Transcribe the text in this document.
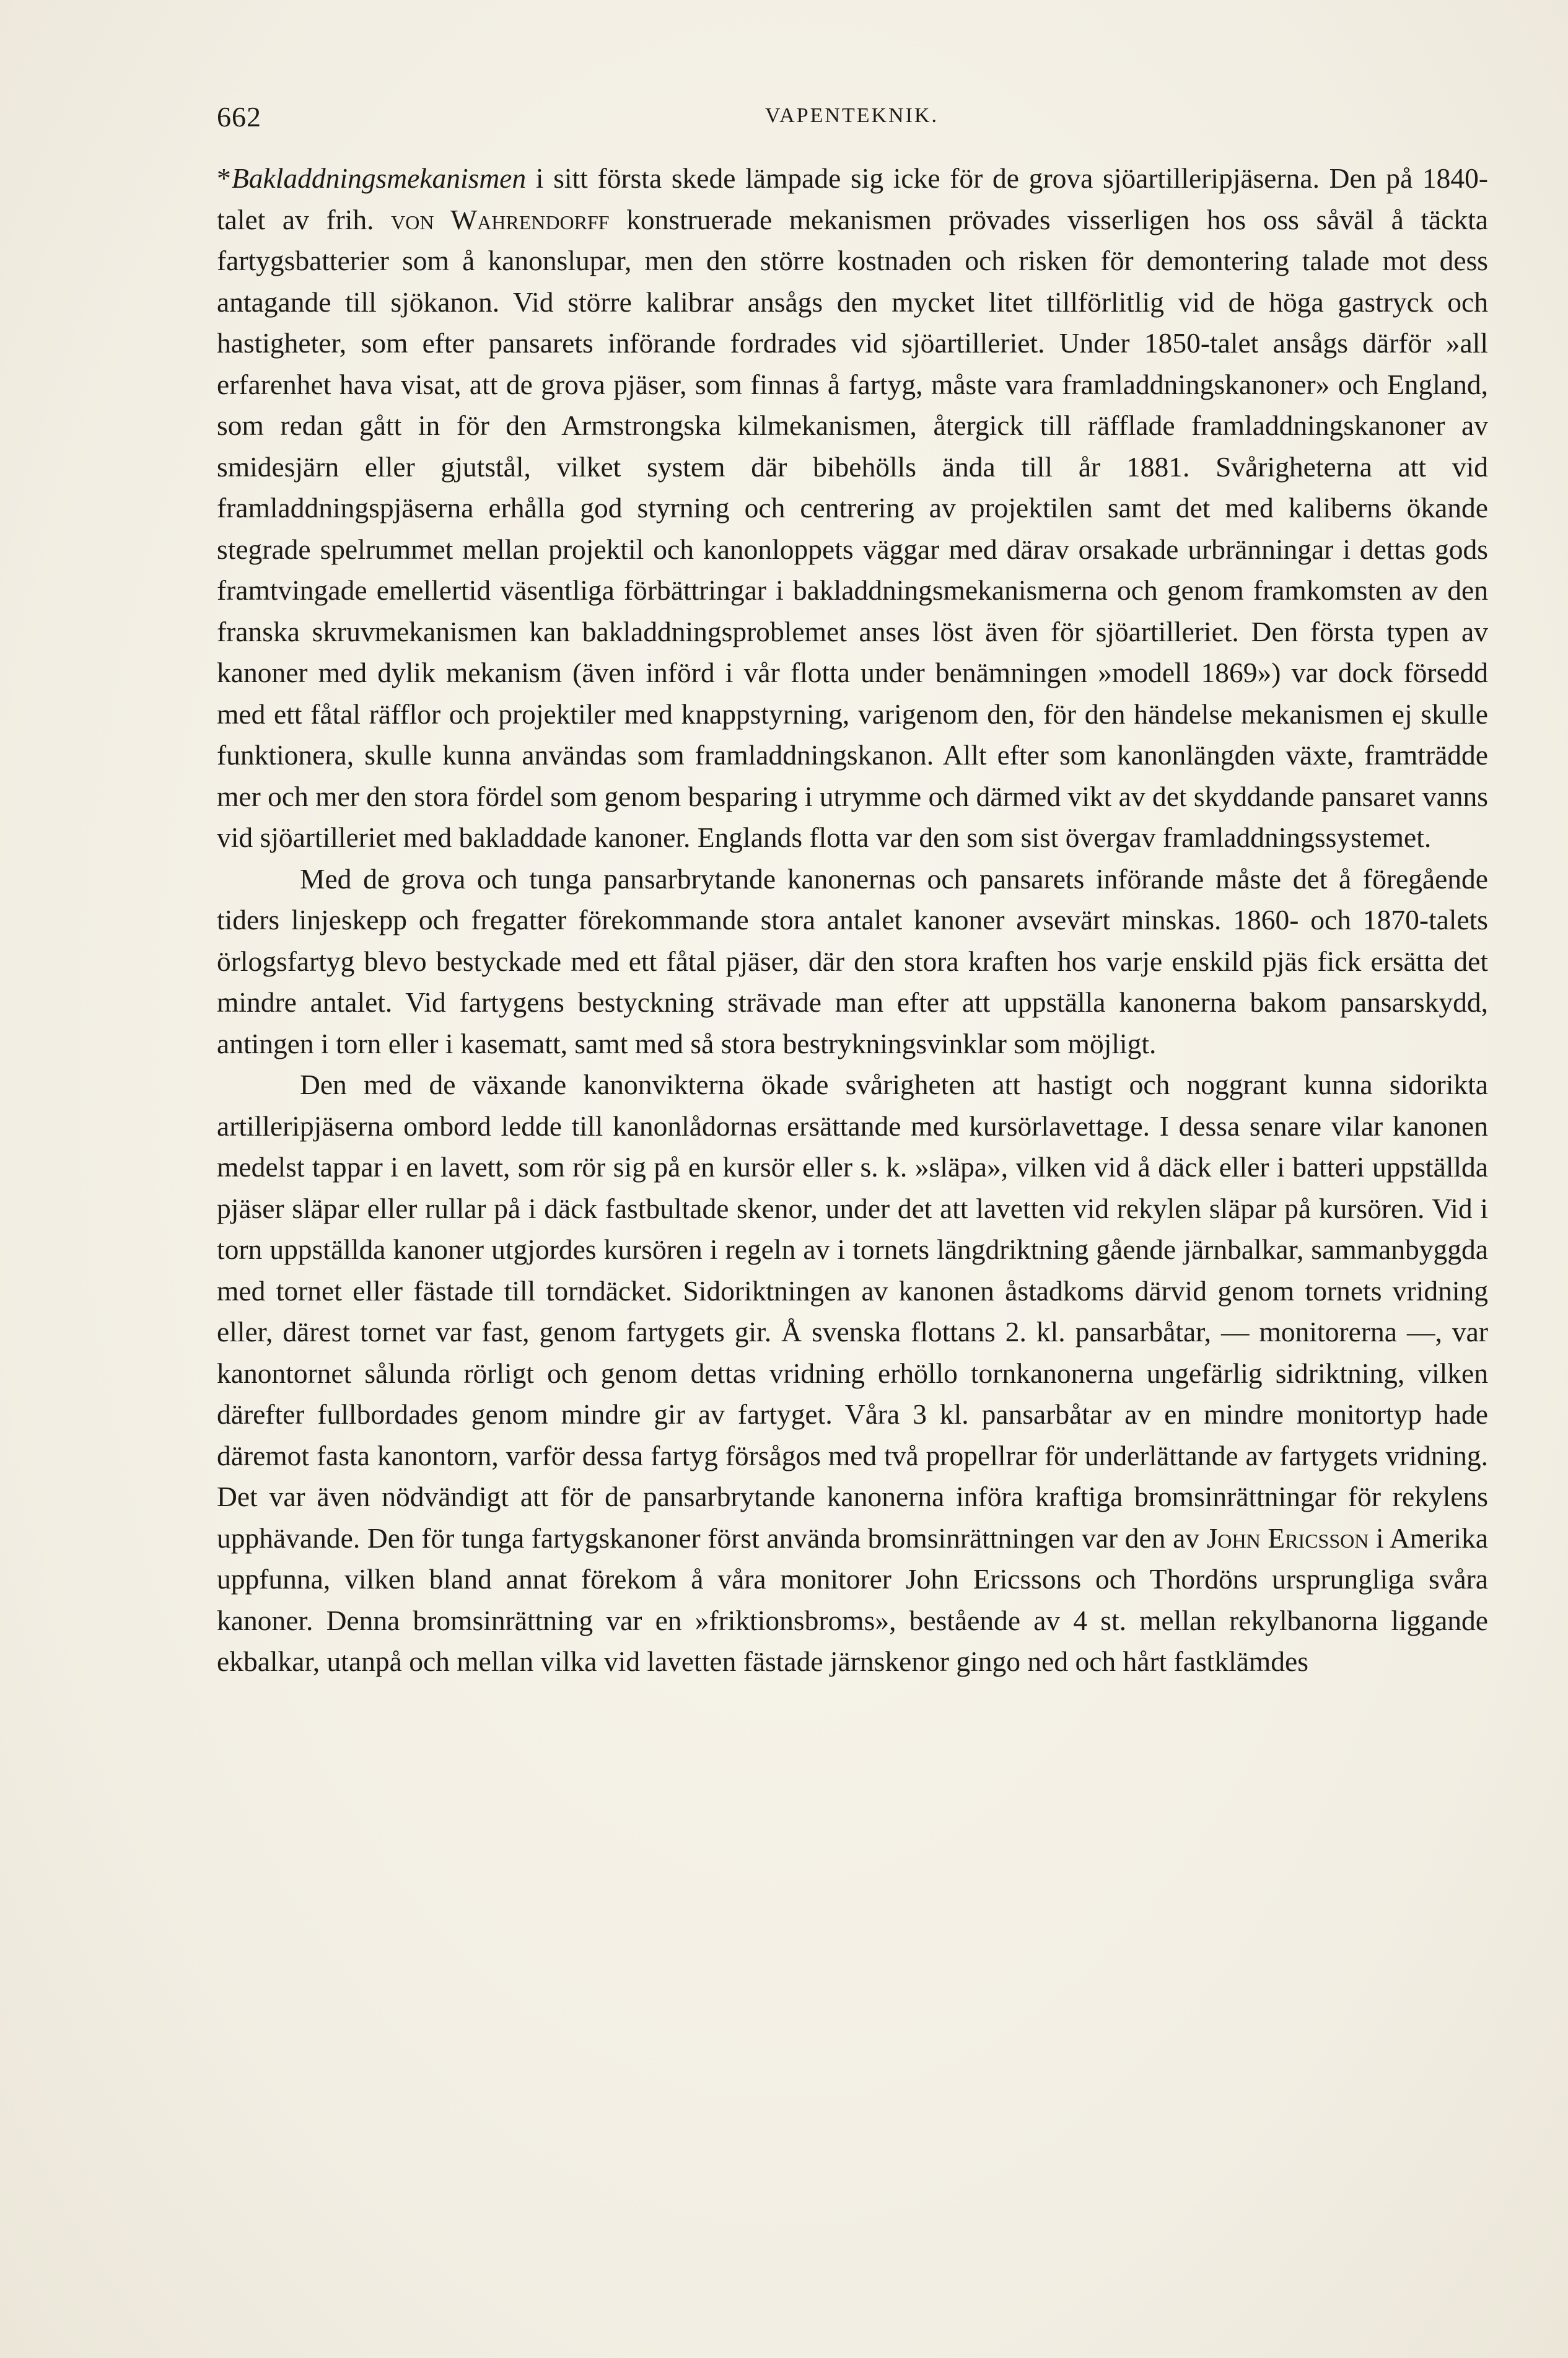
662	VAPENTEKNIK.

*Bakladdningsmekanismen i sitt första skede lämpade sig icke för de grova sjöartilleripjäserna. Den på 1840-talet av frih. von Wahrendorff konstruerade mekanismen prövades visserligen hos oss såväl å täckta fartygsbatterier som å kanonslupar, men den större kostnaden och risken för demontering talade mot dess antagande till sjökanon. Vid större kalibrar ansågs den mycket litet tillförlitlig vid de höga gastryck och hastigheter, som efter pansarets införande fordrades vid sjöartilleriet. Under 1850-talet ansågs därför »all erfarenhet hava visat, att de grova pjäser, som finnas å fartyg, måste vara framladdningskanoner» och England, som redan gått in för den Armstrongska kilmekanismen, återgick till räfflade framladdningskanoner av smidesjärn eller gjutstål, vilket system där bibehölls ända till år 1881. Svårigheterna att vid framladdningspjäserna erhålla god styrning och centrering av projektilen samt det med kaliberns ökande stegrade spelrummet mellan projektil och kanonloppets väggar med därav orsakade urbränningar i dettas gods framtvingade emellertid väsentliga förbättringar i bakladdningsmekanismerna och genom framkomsten av den franska skruvmekanismen kan bakladdningsproblemet anses löst även för sjöartilleriet. Den första typen av kanoner med dylik mekanism (även införd i vår flotta under benämningen »modell 1869») var dock försedd med ett fåtal räfflor och projektiler med knappstyrning, varigenom den, för den händelse mekanismen ej skulle funktionera, skulle kunna användas som framladdningskanon. Allt efter som kanonlängden växte, framträdde mer och mer den stora fördel som genom besparing i utrymme och därmed vikt av det skyddande pansaret vanns vid sjöartilleriet med bakladdade kanoner. Englands flotta var den som sist övergav framladdningssystemet.

Med de grova och tunga pansarbrytande kanonernas och pansarets införande måste det å föregående tiders linjeskepp och fregatter förekommande stora antalet kanoner avsevärt minskas. 1860- och 1870-talets örlogsfartyg blevo bestyckade med ett fåtal pjäser, där den stora kraften hos varje enskild pjäs fick ersätta det mindre antalet. Vid fartygens bestyckning strävade man efter att uppställa kanonerna bakom pansarskydd, antingen i torn eller i kasematt, samt med så stora bestrykningsvinklar som möjligt.

Den med de växande kanonvikterna ökade svårigheten att hastigt och noggrant kunna sidorikta artilleripjäserna ombord ledde till kanonlådornas ersättande med kursörlavettage. I dessa senare vilar kanonen medelst tappar i en lavett, som rör sig på en kursör eller s. k. »släpa», vilken vid å däck eller i batteri uppställda pjäser släpar eller rullar på i däck fastbultade skenor, under det att lavetten vid rekylen släpar på kursören. Vid i torn uppställda kanoner utgjordes kursören i regeln av i tornets längdriktning gående järnbalkar, sammanbyggda med tornet eller fästade till torndäcket. Sidoriktningen av kanonen åstadkoms därvid genom tornets vridning eller, därest tornet var fast, genom fartygets gir. Å svenska flottans 2. kl. pansarbåtar, — monitorerna —, var kanontornet sålunda rörligt och genom dettas vridning erhöllo tornkanonerna ungefärlig sidriktning, vilken därefter fullbordades genom mindre gir av fartyget. Våra 3 kl. pansarbåtar av en mindre monitortyp hade däremot fasta kanontorn, varför dessa fartyg försågos med två propellrar för underlättande av fartygets vridning. Det var även nödvändigt att för de pansarbrytande kanonerna införa kraftiga bromsinrättningar för rekylens upphävande. Den för tunga fartygskanoner först använda bromsinrättningen var den av John Ericsson i Amerika uppfunna, vilken bland annat förekom å våra monitorer John Ericssons och Thordöns ursprungliga svåra kanoner. Denna bromsinrättning var en »friktionsbroms», bestående av 4 st. mellan rekylbanorna liggande ekbalkar, utanpå och mellan vilka vid lavetten fästade järnskenor gingo ned och hårt fastklämdes
